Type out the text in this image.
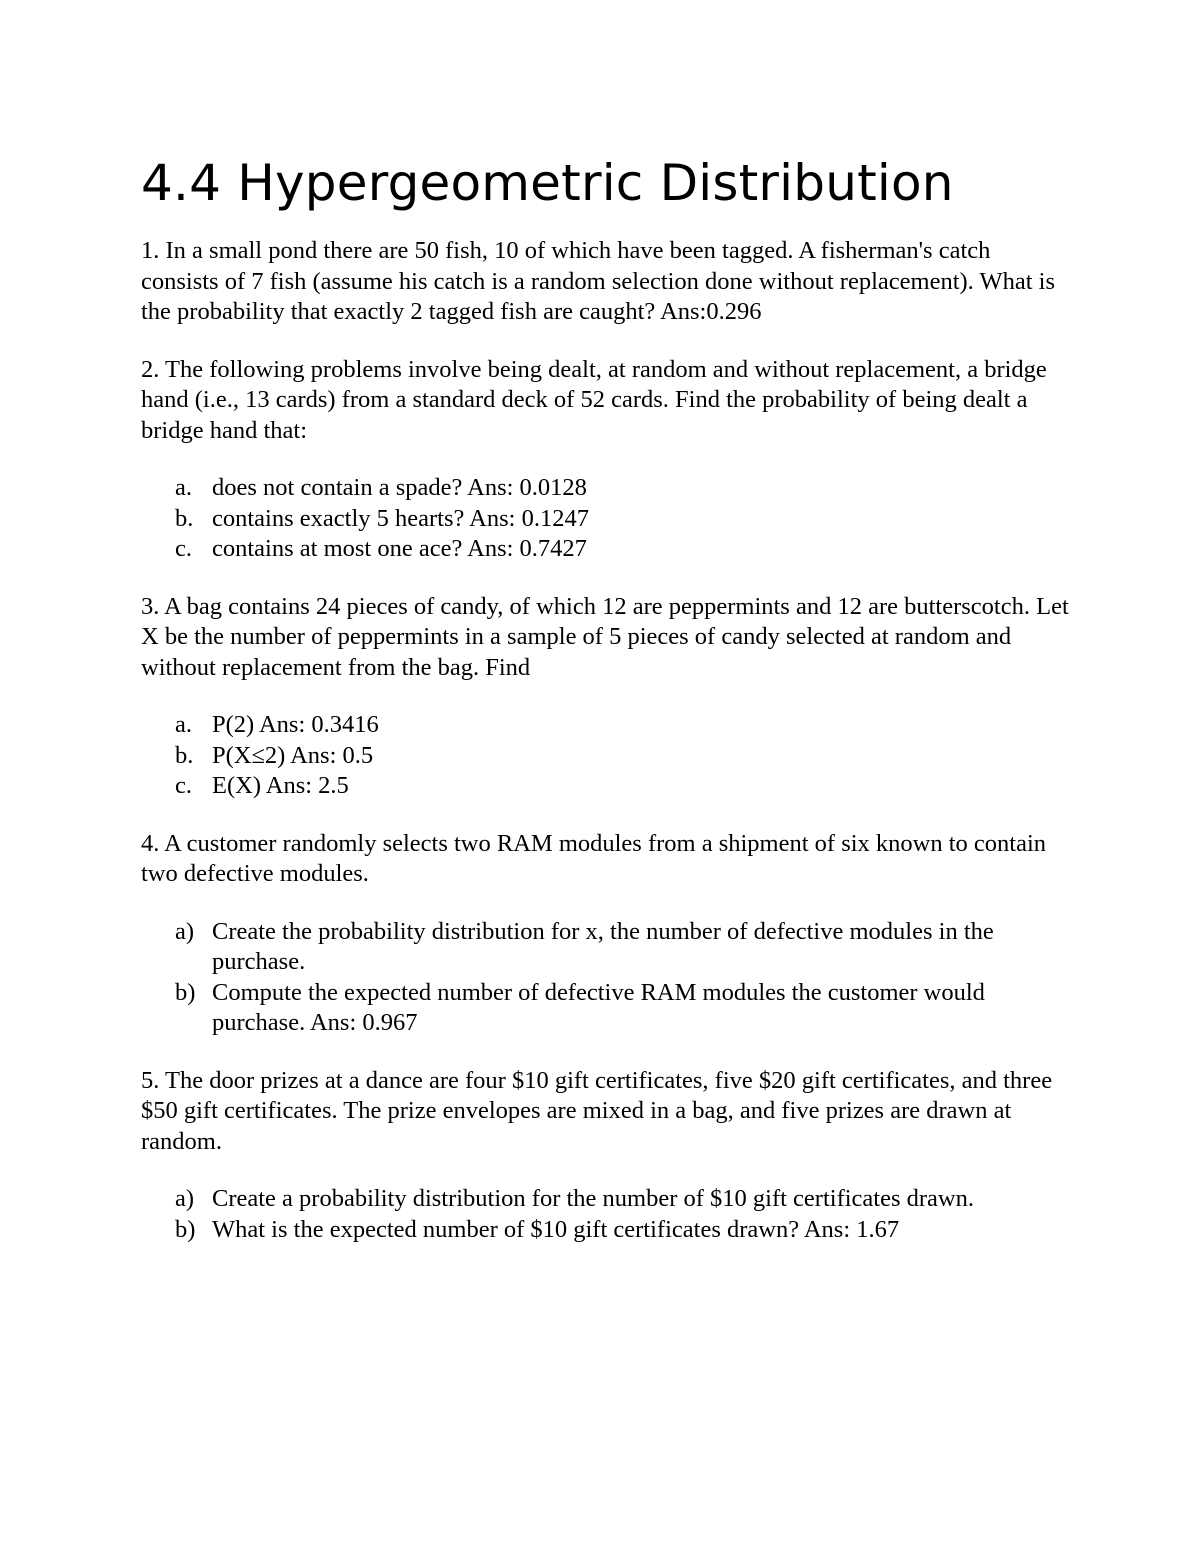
4.4 Hypergeometric Distribution

1. In a small pond there are 50 fish, 10 of which have been tagged. A fisherman's catch consists of 7 fish (assume his catch is a random selection done without replacement). What is the probability that exactly 2 tagged fish are caught? Ans:0.296

2. The following problems involve being dealt, at random and without replacement, a bridge hand (i.e., 13 cards) from a standard deck of 52 cards. Find the probability of being dealt a bridge hand that:

a. does not contain a spade? Ans: 0.0128
b. contains exactly 5 hearts? Ans: 0.1247
c. contains at most one ace? Ans: 0.7427

3. A bag contains 24 pieces of candy, of which 12 are peppermints and 12 are butterscotch. Let X be the number of peppermints in a sample of 5 pieces of candy selected at random and without replacement from the bag. Find

a. P(2) Ans: 0.3416
b. P(X≤2) Ans: 0.5
c. E(X) Ans: 2.5

4. A customer randomly selects two RAM modules from a shipment of six known to contain two defective modules.

a) Create the probability distribution for x, the number of defective modules in the purchase.
b) Compute the expected number of defective RAM modules the customer would purchase. Ans: 0.967

5. The door prizes at a dance are four $10 gift certificates, five $20 gift certificates, and three $50 gift certificates. The prize envelopes are mixed in a bag, and five prizes are drawn at random.

a) Create a probability distribution for the number of $10 gift certificates drawn.
b) What is the expected number of $10 gift certificates drawn? Ans: 1.67
